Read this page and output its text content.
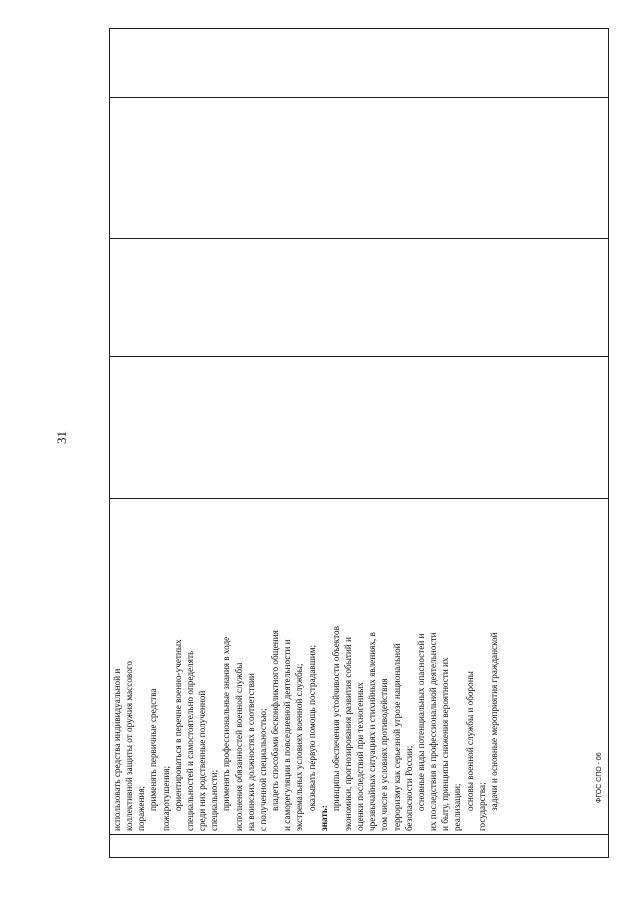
31

использовать средства индивидуальной и коллективной защиты от оружия массового поражения; применять первичные средства пожаротушения; ориентироваться в перечне военно-учетных специальностей и самостоятельно определять среди них родственные полученной специальности; применять профессиональные знания в ходе исполнения обязанностей военной службы на воинских должностях в соответствии с полученной специальностью; владеть способами бесконфликтного общения и саморегуляции в повседневной деятельности и экстремальных условиях военной службы; оказывать первую помощь пострадавшим;

знать:

принципы обеспечения устойчивости объектов экономики, прогнозирования развития событий и оценки последствий при техногенных чрезвычайных ситуациях и стихийных явлениях, в том числе в условиях противодействия терроризму как серьезной угрозе национальной безопасности России; основные виды потенциальных опасностей и их последствия в профессиональной деятельности и быту, принципы снижения вероятности их реализации; основы военной службы и обороны государства; задачи и основные мероприятия гражданской

					ФГОС СПО - 06
